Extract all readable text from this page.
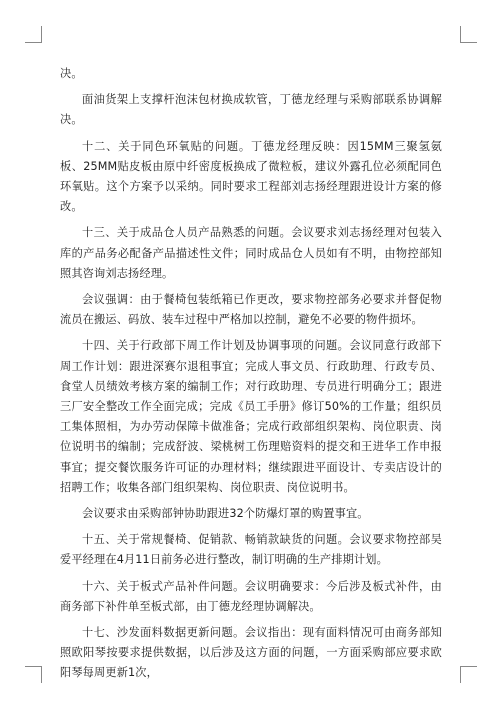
决。

面油货架上支撑杆泡沫包材换成软管，丁德龙经理与采购部联系协调解决。

十二、关于同色环氧贴的问题。丁德龙经理反映：因15MM三聚氢氨板、25MM贴皮板由原中纤密度板换成了微粒板，建议外露孔位必须配同色环氧贴。这个方案予以采纳。同时要求工程部刘志扬经理跟进设计方案的修改。

十三、关于成品仓人员产品熟悉的问题。会议要求刘志扬经理对包装入库的产品务必配备产品描述性文件；同时成品仓人员如有不明，由物控部知照其咨询刘志扬经理。

会议强调：由于餐椅包装纸箱已作更改，要求物控部务必要求并督促物流员在搬运、码放、装车过程中严格加以控制，避免不必要的物件损坏。

十四、关于行政部下周工作计划及协调事项的问题。会议同意行政部下周工作计划：跟进深赛尔退租事宜；完成人事文员、行政助理、行政专员、食堂人员绩效考核方案的编制工作；对行政助理、专员进行明确分工；跟进三厂安全整改工作全面完成；完成《员工手册》修订50%的工作量；组织员工集体照相，为办劳动保障卡做准备；完成行政部组织架构、岗位职责、岗位说明书的编制；完成舒波、梁桃树工伤理赔资料的提交和王进华工作申报事宜；提交餐饮服务许可证的办理材料；继续跟进平面设计、专卖店设计的招聘工作；收集各部门组织架构、岗位职责、岗位说明书。

会议要求由采购部钟协助跟进32个防爆灯罩的购置事宜。

十五、关于常规餐椅、促销款、畅销款缺货的问题。会议要求物控部吴爱平经理在4月11日前务必进行整改，制订明确的生产排期计划。

十六、关于板式产品补件问题。会议明确要求：今后涉及板式补件，由商务部下补件单至板式部，由丁德龙经理协调解决。

十七、沙发面料数据更新问题。会议指出：现有面料情况可由商务部知照欧阳琴按要求提供数据，以后涉及这方面的问题，一方面采购部应要求欧阳琴每周更新1次，
